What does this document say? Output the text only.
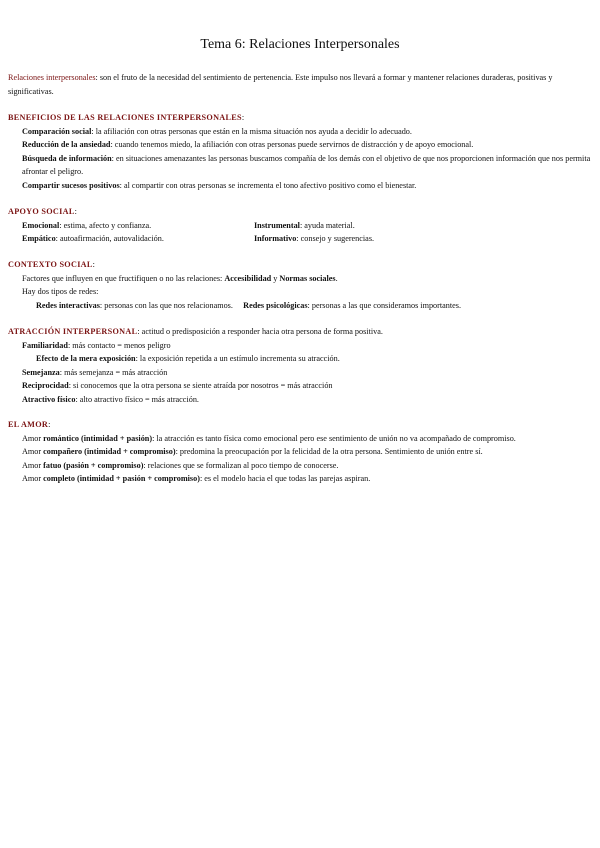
Tema 6: Relaciones Interpersonales
Relaciones interpersonales: son el fruto de la necesidad del sentimiento de pertenencia. Este impulso nos llevará a formar y mantener relaciones duraderas, positivas y significativas.
BENEFICIOS DE LAS RELACIONES INTERPERSONALES:
Comparación social: la afiliación con otras personas que están en la misma situación nos ayuda a decidir lo adecuado.
Reducción de la ansiedad: cuando tenemos miedo, la afiliación con otras personas puede servirnos de distracción y de apoyo emocional.
Búsqueda de información: en situaciones amenazantes las personas buscamos compañía de los demás con el objetivo de que nos proporcionen información que nos permita afrontar el peligro.
Compartir sucesos positivos: al compartir con otras personas se incrementa el tono afectivo positivo como el bienestar.
APOYO SOCIAL:
Emocional: estima, afecto y confianza.	Instrumental: ayuda material.
Empático: autoafirmación, autovalidación.	Informativo: consejo y sugerencias.
CONTEXTO SOCIAL:
Factores que influyen en que fructifiquen o no las relaciones: Accesibilidad y Normas sociales.
Hay dos tipos de redes:
Redes interactivas: personas con las que nos relacionamos. Redes psicológicas: personas a las que consideramos importantes.
ATRACCIÓN INTERPERSONAL: actitud o predisposición a responder hacia otra persona de forma positiva.
Familiaridad: más contacto = menos peligro
Efecto de la mera exposición: la exposición repetida a un estímulo incrementa su atracción.
Semejanza: más semejanza = más atracción
Reciprocidad: si conocemos que la otra persona se siente atraída por nosotros = más atracción
Atractivo físico: alto atractivo físico = más atracción.
EL AMOR:
Amor romántico (intimidad + pasión): la atracción es tanto física como emocional pero ese sentimiento de unión no va acompañado de compromiso.
Amor compañero (intimidad + compromiso): predomina la preocupación por la felicidad de la otra persona. Sentimiento de unión entre sí.
Amor fatuo (pasión + compromiso): relaciones que se formalizan al poco tiempo de conocerse.
Amor completo (intimidad + pasión + compromiso): es el modelo hacia el que todas las parejas aspiran.
